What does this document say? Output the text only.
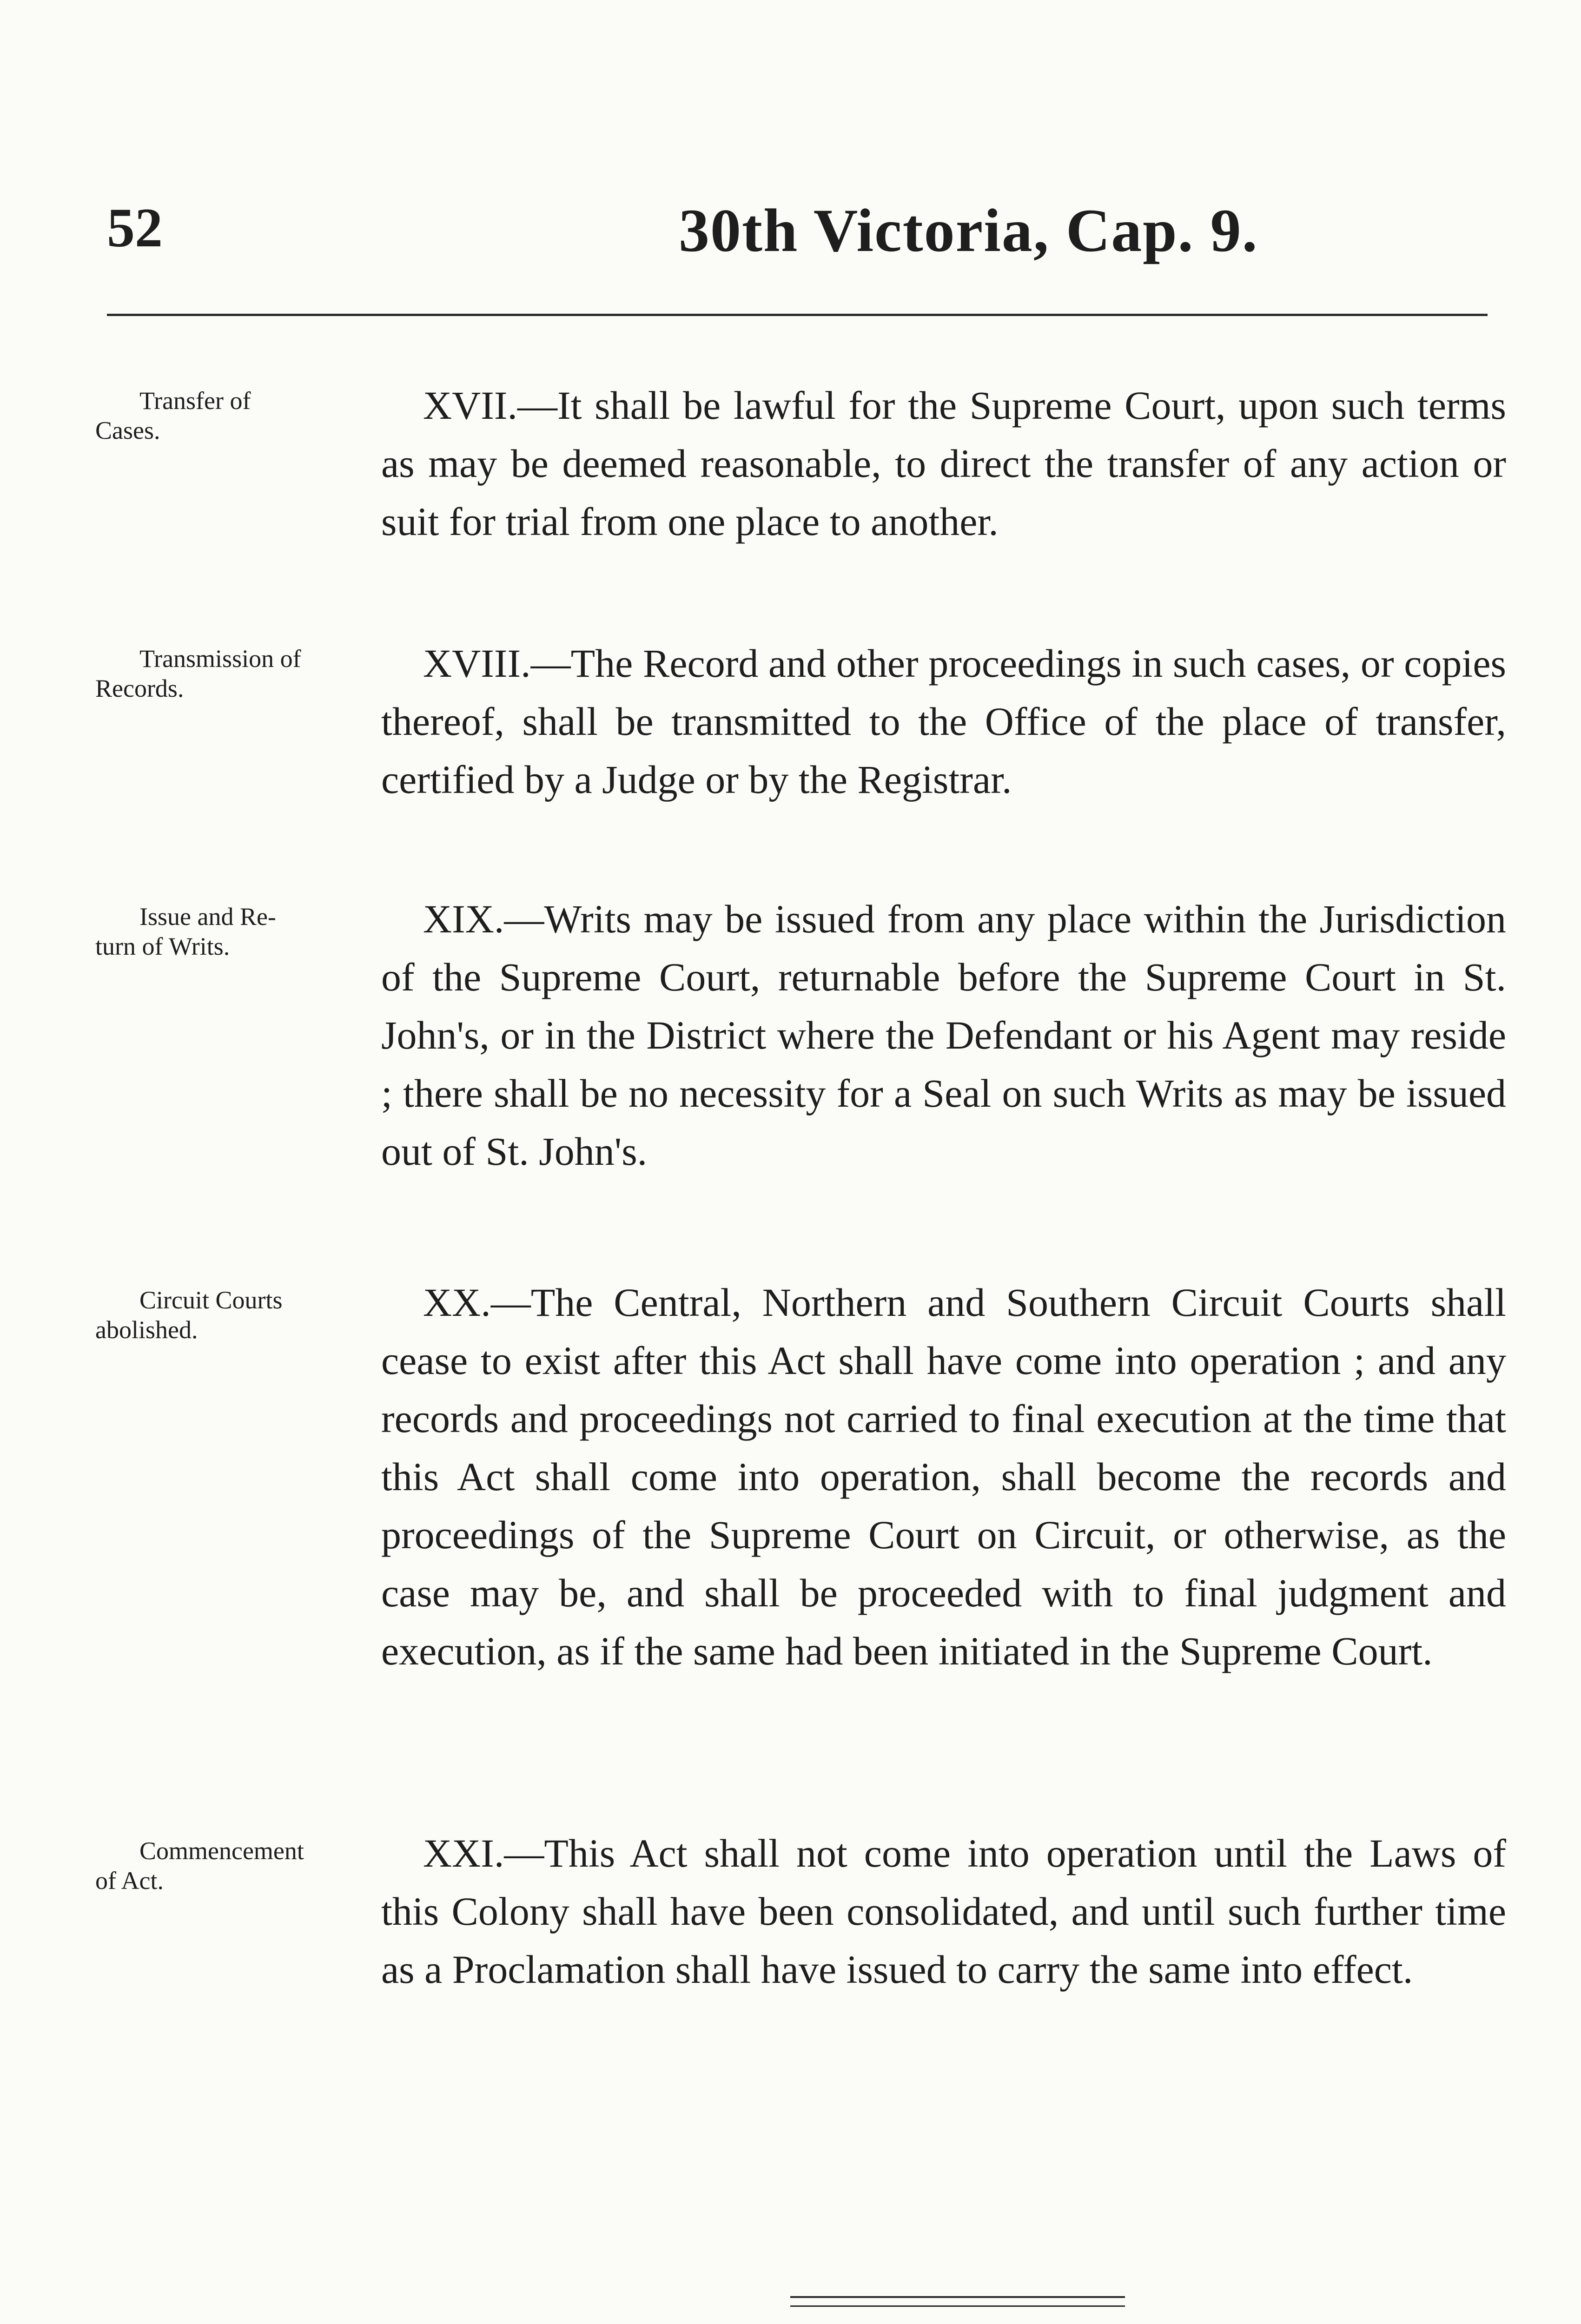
52	30th Victoria, Cap. 9.

Transfer of
Cases.

XVII.—It shall be lawful for the Supreme Court, upon such terms as may be deemed reasonable, to direct the transfer of any action or suit for trial from one place to another.

Transmission of
Records.

XVIII.—The Record and other proceedings in such cases, or copies thereof, shall be transmitted to the Office of the place of transfer, certified by a Judge or by the Registrar.

Issue and Re-
turn of Writs.

XIX.—Writs may be issued from any place within the Jurisdiction of the Supreme Court, returnable before the Supreme Court in St. John's, or in the District where the Defendant or his Agent may reside ; there shall be no necessity for a Seal on such Writs as may be issued out of St. John's.

Circuit Courts
abolished.

XX.—The Central, Northern and Southern Circuit Courts shall cease to exist after this Act shall have come into operation ; and any records and proceedings not carried to final execution at the time that this Act shall come into operation, shall become the records and proceedings of the Supreme Court on Circuit, or otherwise, as the case may be, and shall be proceeded with to final judgment and execution, as if the same had been initiated in the Supreme Court.

Commencement
of Act.

XXI.—This Act shall not come into operation until the Laws of this Colony shall have been consolidated, and until such further time as a Proclamation shall have issued to carry the same into effect.
